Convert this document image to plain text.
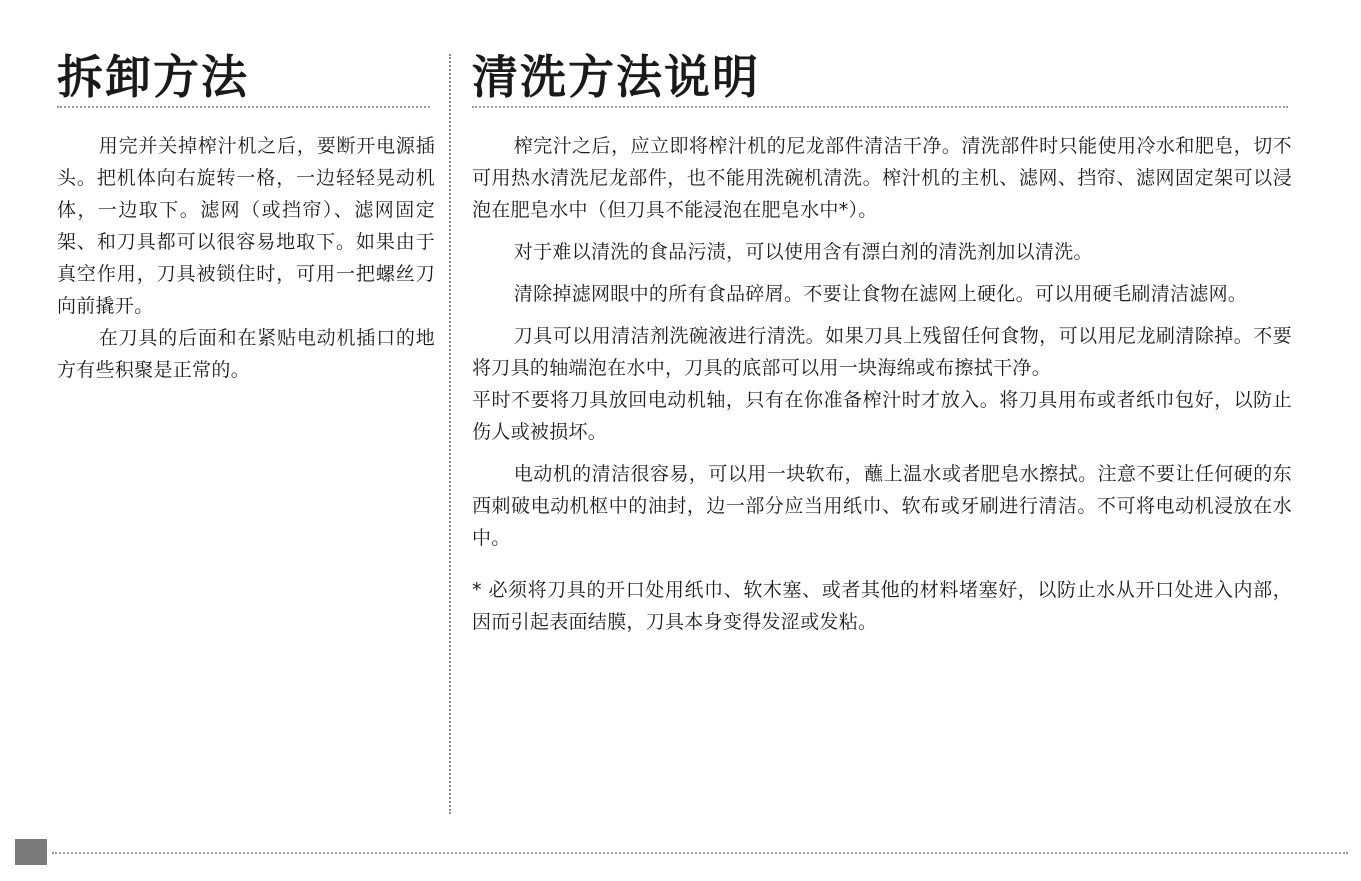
拆卸方法

用完并关掉榨汁机之后，要断开电源插头。把机体向右旋转一格，一边轻轻晃动机体，一边取下。滤网（或挡帘）、滤网固定架、和刀具都可以很容易地取下。如果由于真空作用，刀具被锁住时，可用一把螺丝刀向前撬开。

在刀具的后面和在紧贴电动机插口的地方有些积聚是正常的。

清洗方法说明

榨完汁之后，应立即将榨汁机的尼龙部件清洁干净。清洗部件时只能使用冷水和肥皂，切不可用热水清洗尼龙部件，也不能用洗碗机清洗。榨汁机的主机、滤网、挡帘、滤网固定架可以浸泡在肥皂水中（但刀具不能浸泡在肥皂水中*）。

对于难以清洗的食品污渍，可以使用含有漂白剂的清洗剂加以清洗。

清除掉滤网眼中的所有食品碎屑。不要让食物在滤网上硬化。可以用硬毛刷清洁滤网。

刀具可以用清洁剂洗碗液进行清洗。如果刀具上残留任何食物，可以用尼龙刷清除掉。不要将刀具的轴端泡在水中，刀具的底部可以用一块海绵或布擦拭干净。

平时不要将刀具放回电动机轴，只有在你准备榨汁时才放入。将刀具用布或者纸巾包好，以防止伤人或被损坏。

电动机的清洁很容易，可以用一块软布，蘸上温水或者肥皂水擦拭。注意不要让任何硬的东西刺破电动机枢中的油封，边一部分应当用纸巾、软布或牙刷进行清洁。不可将电动机浸放在水中。

* 必须将刀具的开口处用纸巾、软木塞、或者其他的材料堵塞好，以防止水从开口处进入内部，因而引起表面结膜，刀具本身变得发涩或发粘。
